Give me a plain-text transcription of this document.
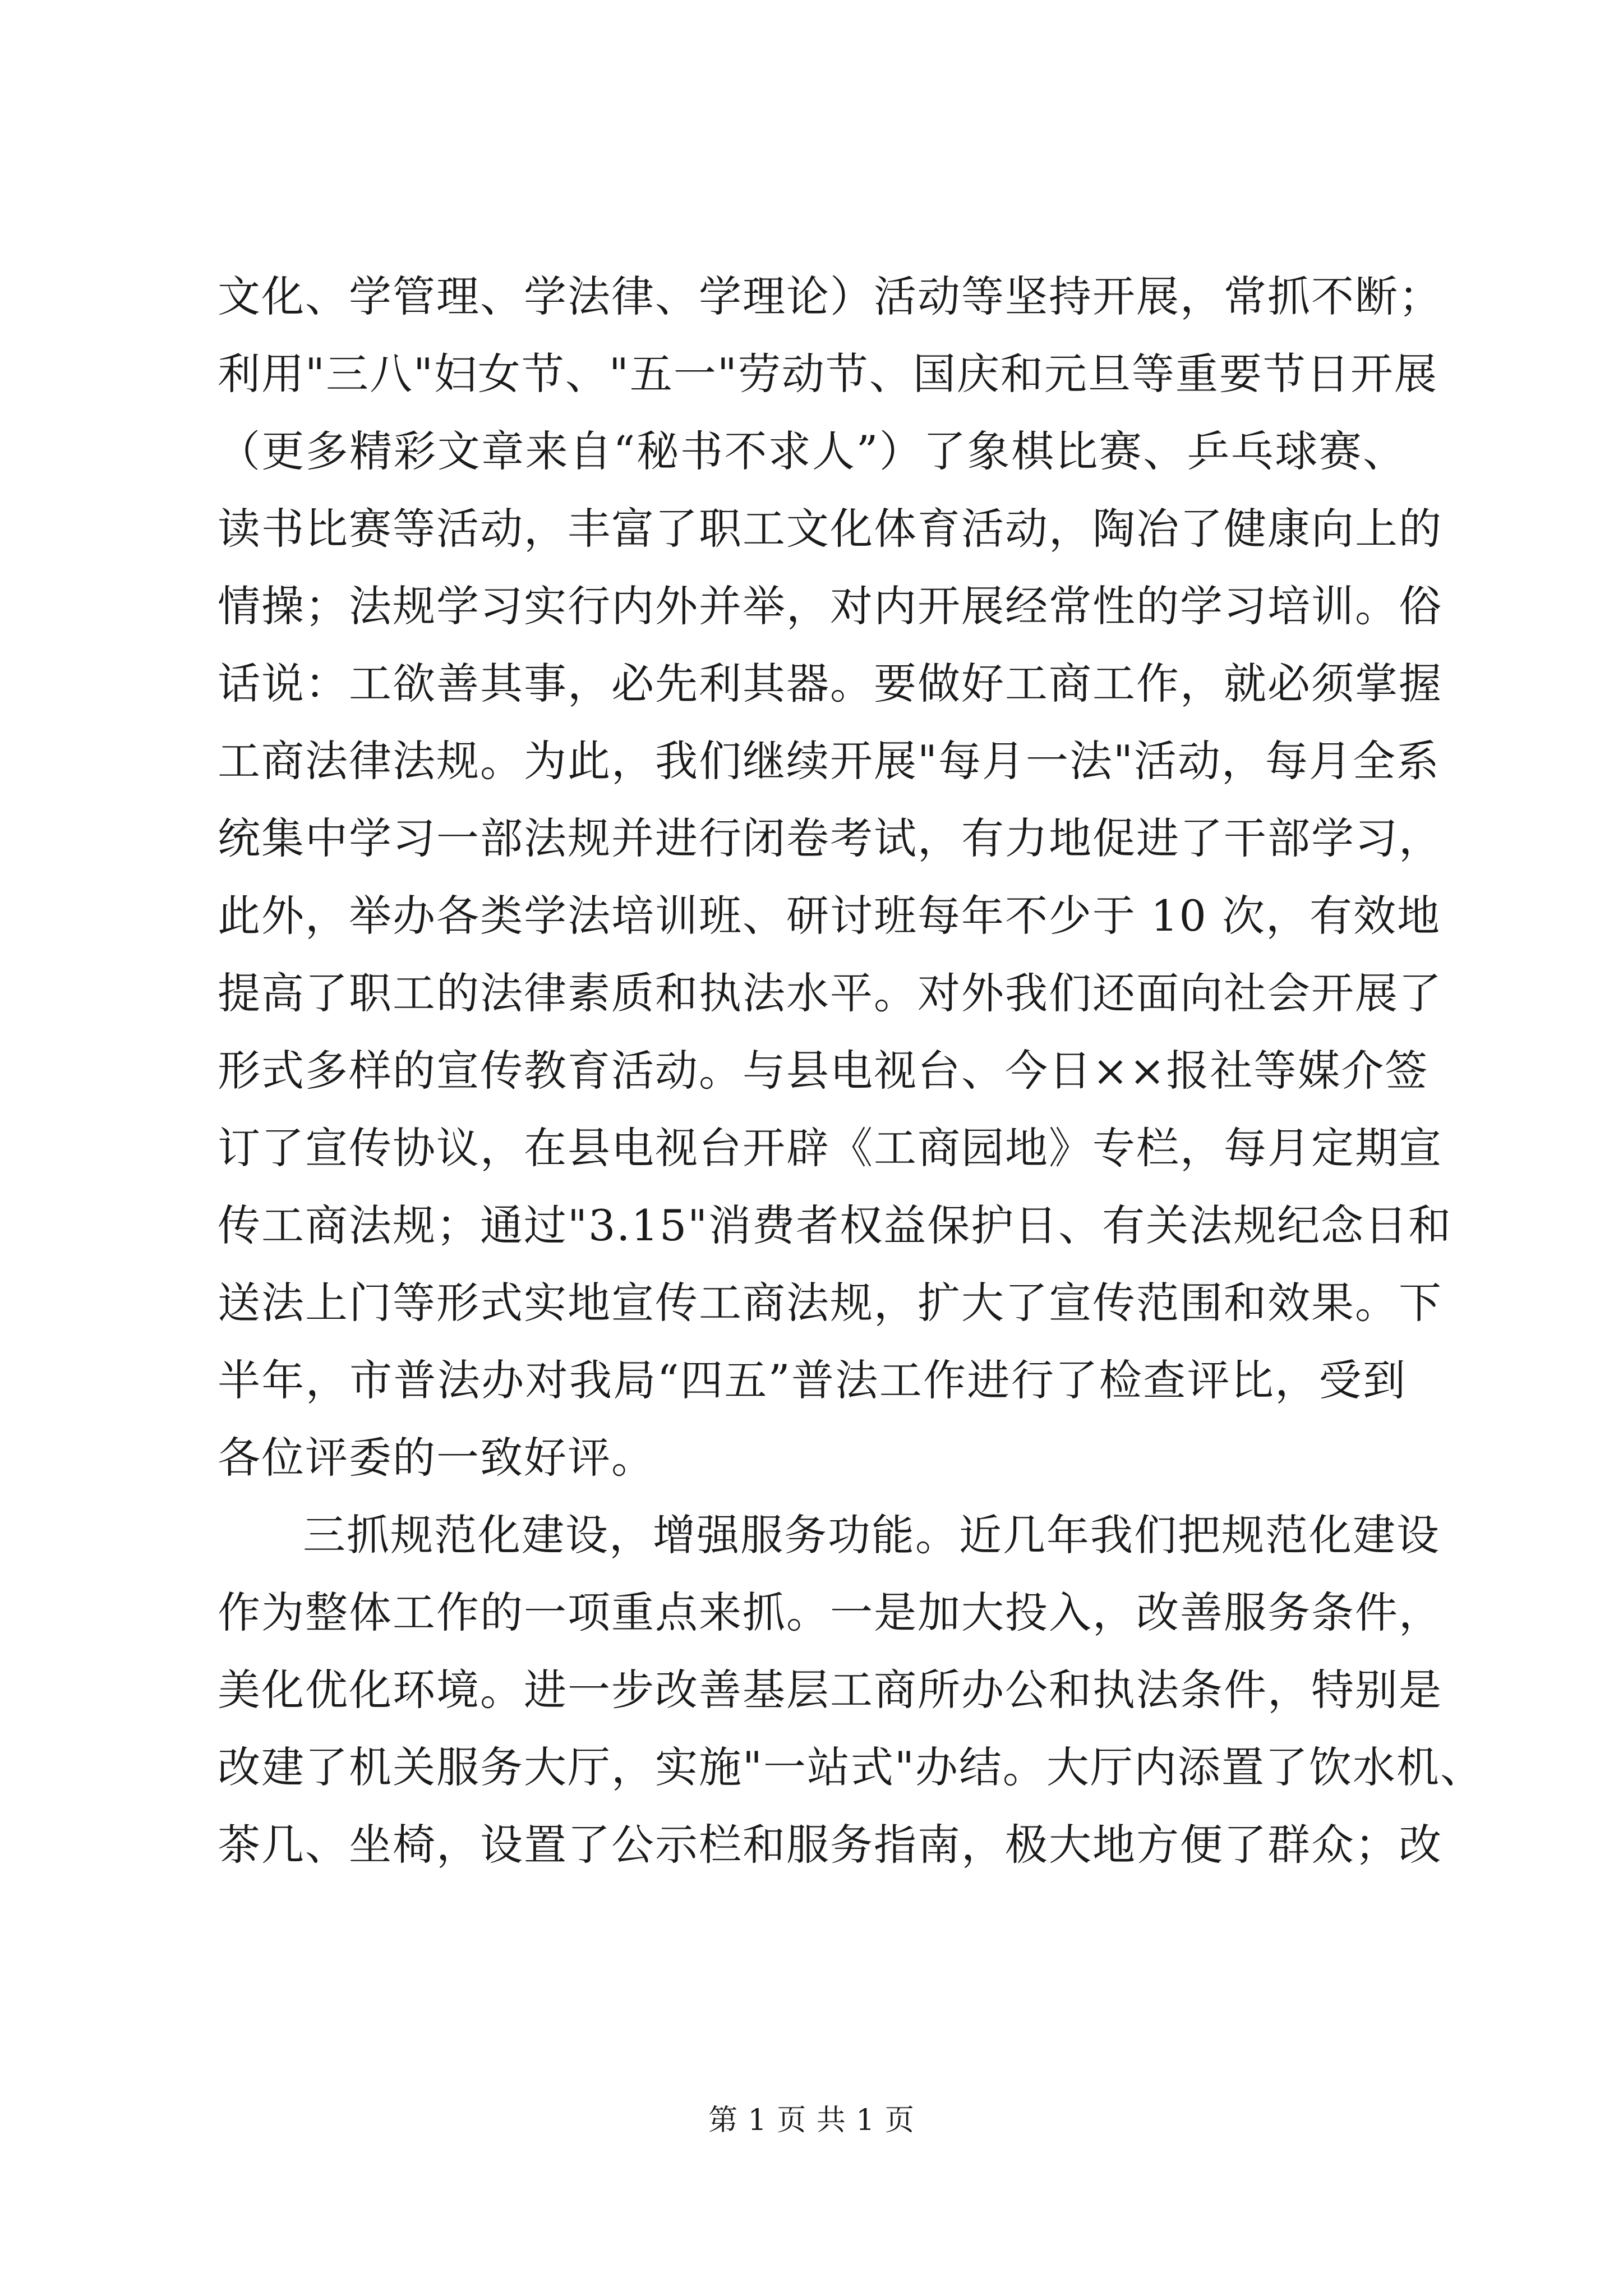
文化、学管理、学法律、学理论）活动等坚持开展，常抓不断；
利用"三八"妇女节、"五一"劳动节、国庆和元旦等重要节日开展
（更多精彩文章来自“秘书不求人”）了象棋比赛、乒乓球赛、
读书比赛等活动，丰富了职工文化体育活动，陶冶了健康向上的
情操；法规学习实行内外并举，对内开展经常性的学习培训。俗
话说：工欲善其事，必先利其器。要做好工商工作，就必须掌握
工商法律法规。为此，我们继续开展"每月一法"活动，每月全系
统集中学习一部法规并进行闭卷考试，有力地促进了干部学习，
此外，举办各类学法培训班、研讨班每年不少于 10 次，有效地
提高了职工的法律素质和执法水平。对外我们还面向社会开展了
形式多样的宣传教育活动。与县电视台、今日××报社等媒介签
订了宣传协议，在县电视台开辟《工商园地》专栏，每月定期宣
传工商法规；通过"3.15"消费者权益保护日、有关法规纪念日和
送法上门等形式实地宣传工商法规，扩大了宣传范围和效果。下
半年，市普法办对我局“四五”普法工作进行了检查评比，受到
各位评委的一致好评。
三抓规范化建设，增强服务功能。近几年我们把规范化建设
作为整体工作的一项重点来抓。一是加大投入，改善服务条件，
美化优化环境。进一步改善基层工商所办公和执法条件，特别是
改建了机关服务大厅，实施"一站式"办结。大厅内添置了饮水机、
茶几、坐椅，设置了公示栏和服务指南，极大地方便了群众；改
第 1 页 共 1 页
